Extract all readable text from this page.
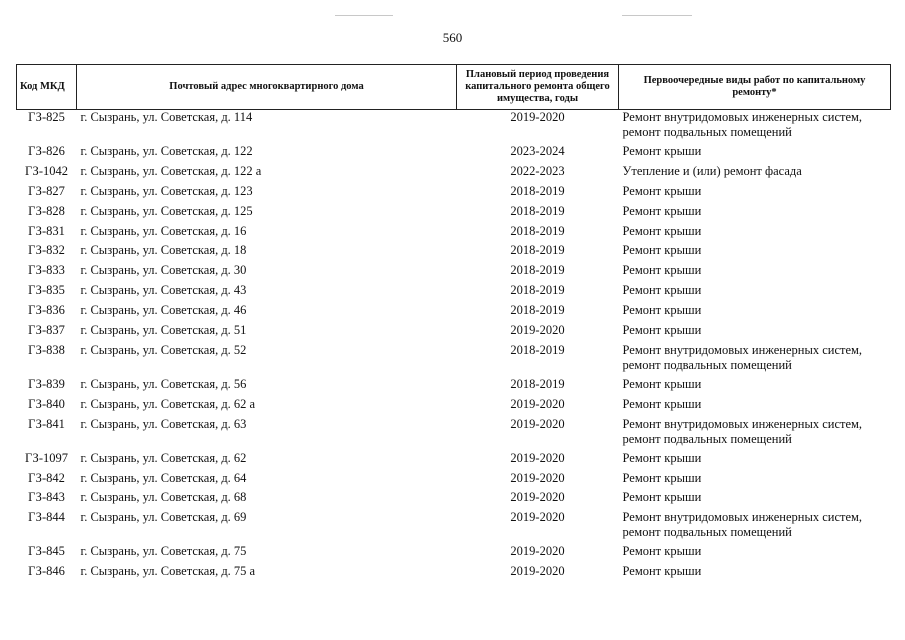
560
Код МКД	Почтовый адрес многоквартирного дома	Плановый период проведения капитального ремонта общего имущества, годы	Первоочередные виды работ по капитальному ремонту*
ГЗ-825	г. Сызрань, ул. Советская, д. 114	2019-2020	Ремонт внутридомовых инженерных систем, ремонт подвальных помещений
ГЗ-826	г. Сызрань, ул. Советская, д. 122	2023-2024	Ремонт крыши
ГЗ-1042	г. Сызрань, ул. Советская, д. 122 а	2022-2023	Утепление и (или) ремонт фасада
ГЗ-827	г. Сызрань, ул. Советская, д. 123	2018-2019	Ремонт крыши
ГЗ-828	г. Сызрань, ул. Советская, д. 125	2018-2019	Ремонт крыши
ГЗ-831	г. Сызрань, ул. Советская, д. 16	2018-2019	Ремонт крыши
ГЗ-832	г. Сызрань, ул. Советская, д. 18	2018-2019	Ремонт крыши
ГЗ-833	г. Сызрань, ул. Советская, д. 30	2018-2019	Ремонт крыши
ГЗ-835	г. Сызрань, ул. Советская, д. 43	2018-2019	Ремонт крыши
ГЗ-836	г. Сызрань, ул. Советская, д. 46	2018-2019	Ремонт крыши
ГЗ-837	г. Сызрань, ул. Советская, д. 51	2019-2020	Ремонт крыши
ГЗ-838	г. Сызрань, ул. Советская, д. 52	2018-2019	Ремонт внутридомовых инженерных систем, ремонт подвальных помещений
ГЗ-839	г. Сызрань, ул. Советская, д. 56	2018-2019	Ремонт крыши
ГЗ-840	г. Сызрань, ул. Советская, д. 62 а	2019-2020	Ремонт крыши
ГЗ-841	г. Сызрань, ул. Советская, д. 63	2019-2020	Ремонт внутридомовых инженерных систем, ремонт подвальных помещений
ГЗ-1097	г. Сызрань, ул. Советская, д. 62	2019-2020	Ремонт крыши
ГЗ-842	г. Сызрань, ул. Советская, д. 64	2019-2020	Ремонт крыши
ГЗ-843	г. Сызрань, ул. Советская, д. 68	2019-2020	Ремонт крыши
ГЗ-844	г. Сызрань, ул. Советская, д. 69	2019-2020	Ремонт внутридомовых инженерных систем, ремонт подвальных помещений
ГЗ-845	г. Сызрань, ул. Советская, д. 75	2019-2020	Ремонт крыши
ГЗ-846	г. Сызрань, ул. Советская, д. 75 а	2019-2020	Ремонт крыши
